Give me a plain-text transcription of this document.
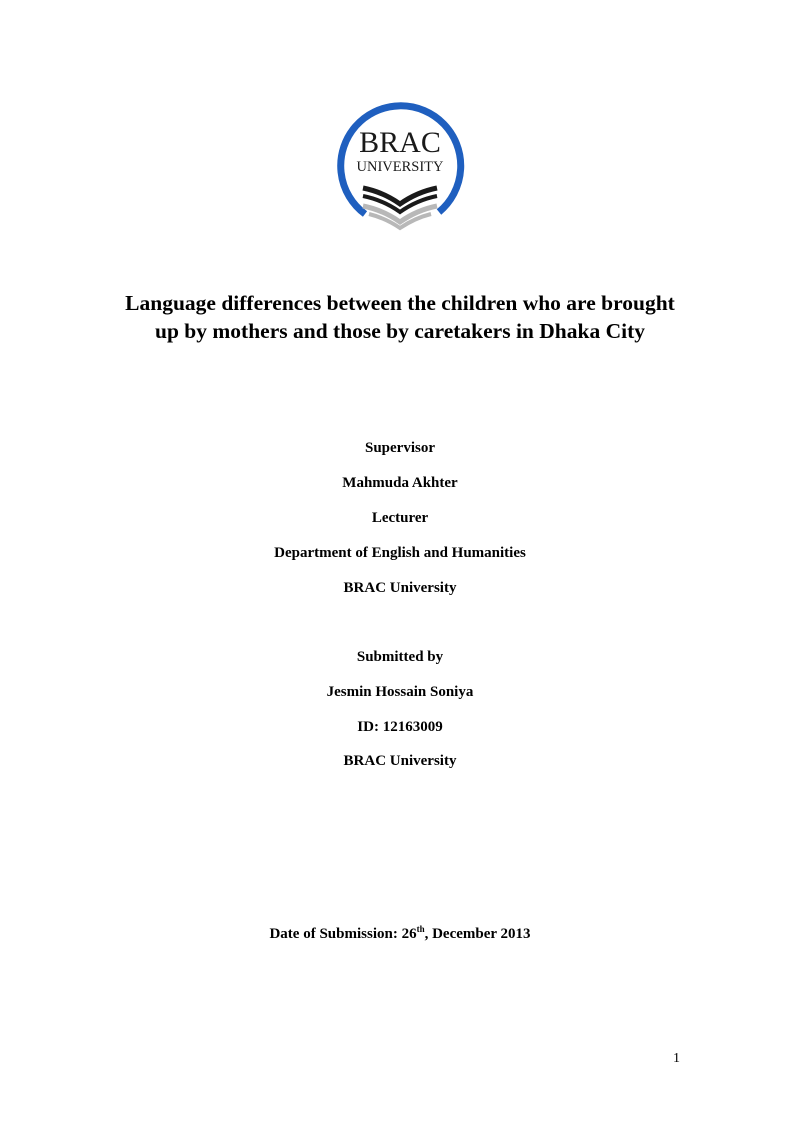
BRAC
UNIVERSITY
Language differences between the children who are brought
up by mothers and those by caretakers in Dhaka City

Supervisor

Mahmuda Akhter

Lecturer

Department of English and Humanities

BRAC University

Submitted by

Jesmin Hossain Soniya

ID: 12163009

BRAC University

Date of Submission: 26th, December 2013

1
